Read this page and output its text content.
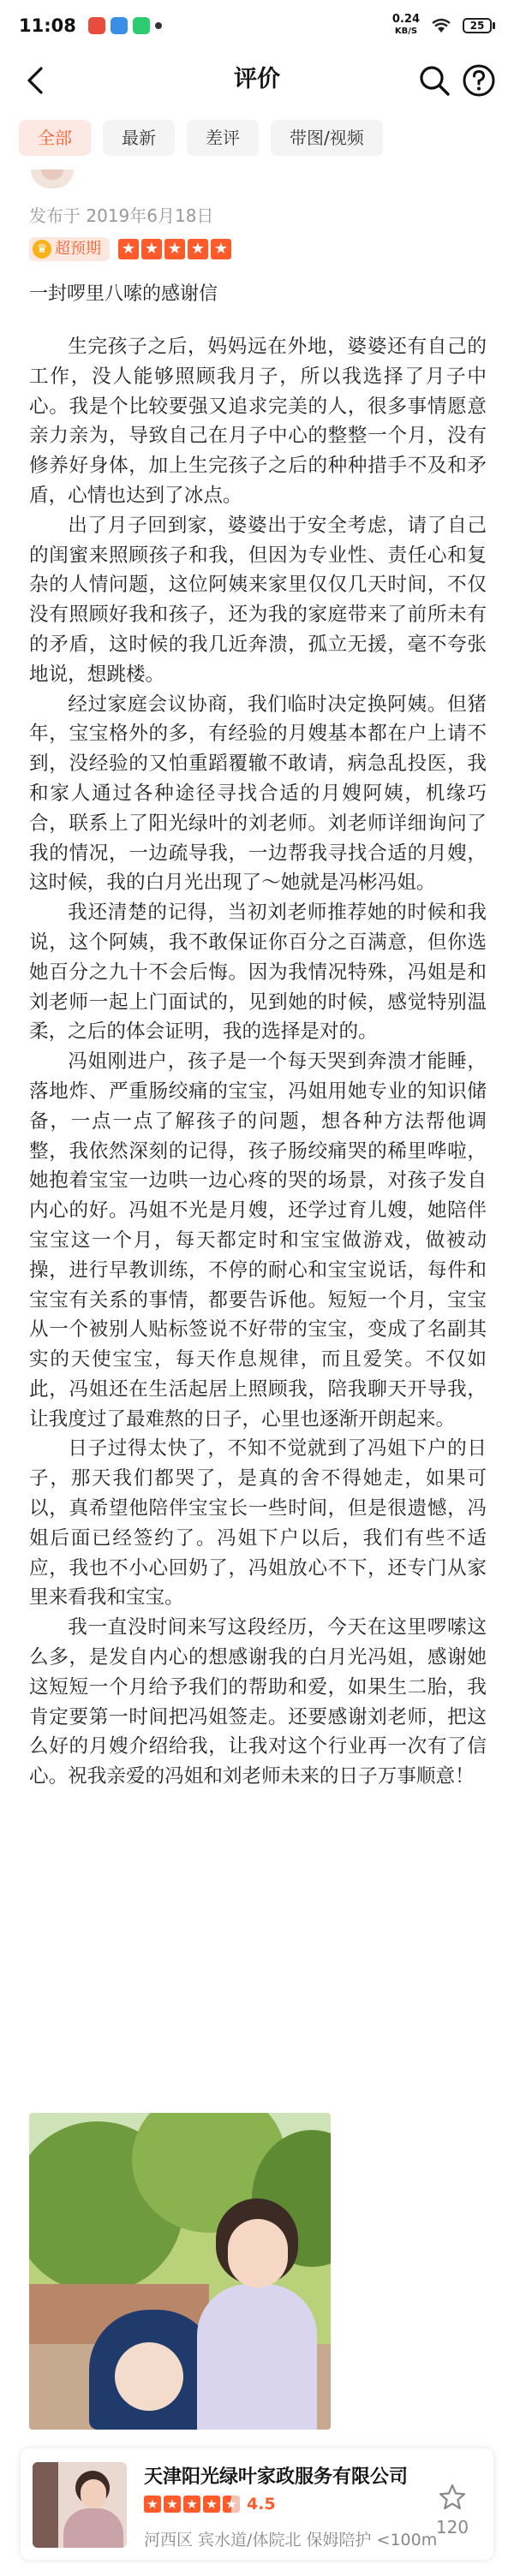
11:08	0.24
KB/S	25
评价
全部	最新	差评	带图/视频
发布于 2019年6月18日
♛ 超预期	★ ★ ★ ★ ★
一封啰里八嗦的感谢信

生完孩子之后，妈妈远在外地，婆婆还有自己的工作，没人能够照顾我月子，所以我选择了月子中心。我是个比较要强又追求完美的人，很多事情愿意亲力亲为，导致自己在月子中心的整整一个月，没有修养好身体，加上生完孩子之后的种种措手不及和矛盾，心情也达到了冰点。

出了月子回到家，婆婆出于安全考虑，请了自己的闺蜜来照顾孩子和我，但因为专业性、责任心和复杂的人情问题，这位阿姨来家里仅仅几天时间，不仅没有照顾好我和孩子，还为我的家庭带来了前所未有的矛盾，这时候的我几近奔溃，孤立无援，毫不夸张地说，想跳楼。

经过家庭会议协商，我们临时决定换阿姨。但猪年，宝宝格外的多，有经验的月嫂基本都在户上请不到，没经验的又怕重蹈覆辙不敢请，病急乱投医，我和家人通过各种途径寻找合适的月嫂阿姨，机缘巧合，联系上了阳光绿叶的刘老师。刘老师详细询问了我的情况，一边疏导我，一边帮我寻找合适的月嫂，这时候，我的白月光出现了～她就是冯彬冯姐。

我还清楚的记得，当初刘老师推荐她的时候和我说，这个阿姨，我不敢保证你百分之百满意，但你选她百分之九十不会后悔。因为我情况特殊，冯姐是和刘老师一起上门面试的，见到她的时候，感觉特别温柔，之后的体会证明，我的选择是对的。

冯姐刚进户，孩子是一个每天哭到奔溃才能睡，落地炸、严重肠绞痛的宝宝，冯姐用她专业的知识储备，一点一点了解孩子的问题，想各种方法帮他调整，我依然深刻的记得，孩子肠绞痛哭的稀里哗啦，她抱着宝宝一边哄一边心疼的哭的场景，对孩子发自内心的好。冯姐不光是月嫂，还学过育儿嫂，她陪伴宝宝这一个月，每天都定时和宝宝做游戏，做被动操，进行早教训练，不停的耐心和宝宝说话，每件和宝宝有关系的事情，都要告诉他。短短一个月，宝宝从一个被别人贴标签说不好带的宝宝，变成了名副其实的天使宝宝，每天作息规律，而且爱笑。不仅如此，冯姐还在生活起居上照顾我，陪我聊天开导我，让我度过了最难熬的日子，心里也逐渐开朗起来。

日子过得太快了，不知不觉就到了冯姐下户的日子，那天我们都哭了，是真的舍不得她走，如果可以，真希望他陪伴宝宝长一些时间，但是很遗憾，冯姐后面已经签约了。冯姐下户以后，我们有些不适应，我也不小心回奶了，冯姐放心不下，还专门从家里来看我和宝宝。

我一直没时间来写这段经历，今天在这里啰嗦这么多，是发自内心的想感谢我的白月光冯姐，感谢她这短短一个月给予我们的帮助和爱，如果生二胎，我肯定要第一时间把冯姐签走。还要感谢刘老师，把这么好的月嫂介绍给我，让我对这个行业再一次有了信心。祝我亲爱的冯姐和刘老师未来的日子万事顺意！

天津阳光绿叶家政服务有限公司
★ ★ ★ ★ ★ 4.5
河西区 宾水道/体院北 保姆陪护 <100m
120
